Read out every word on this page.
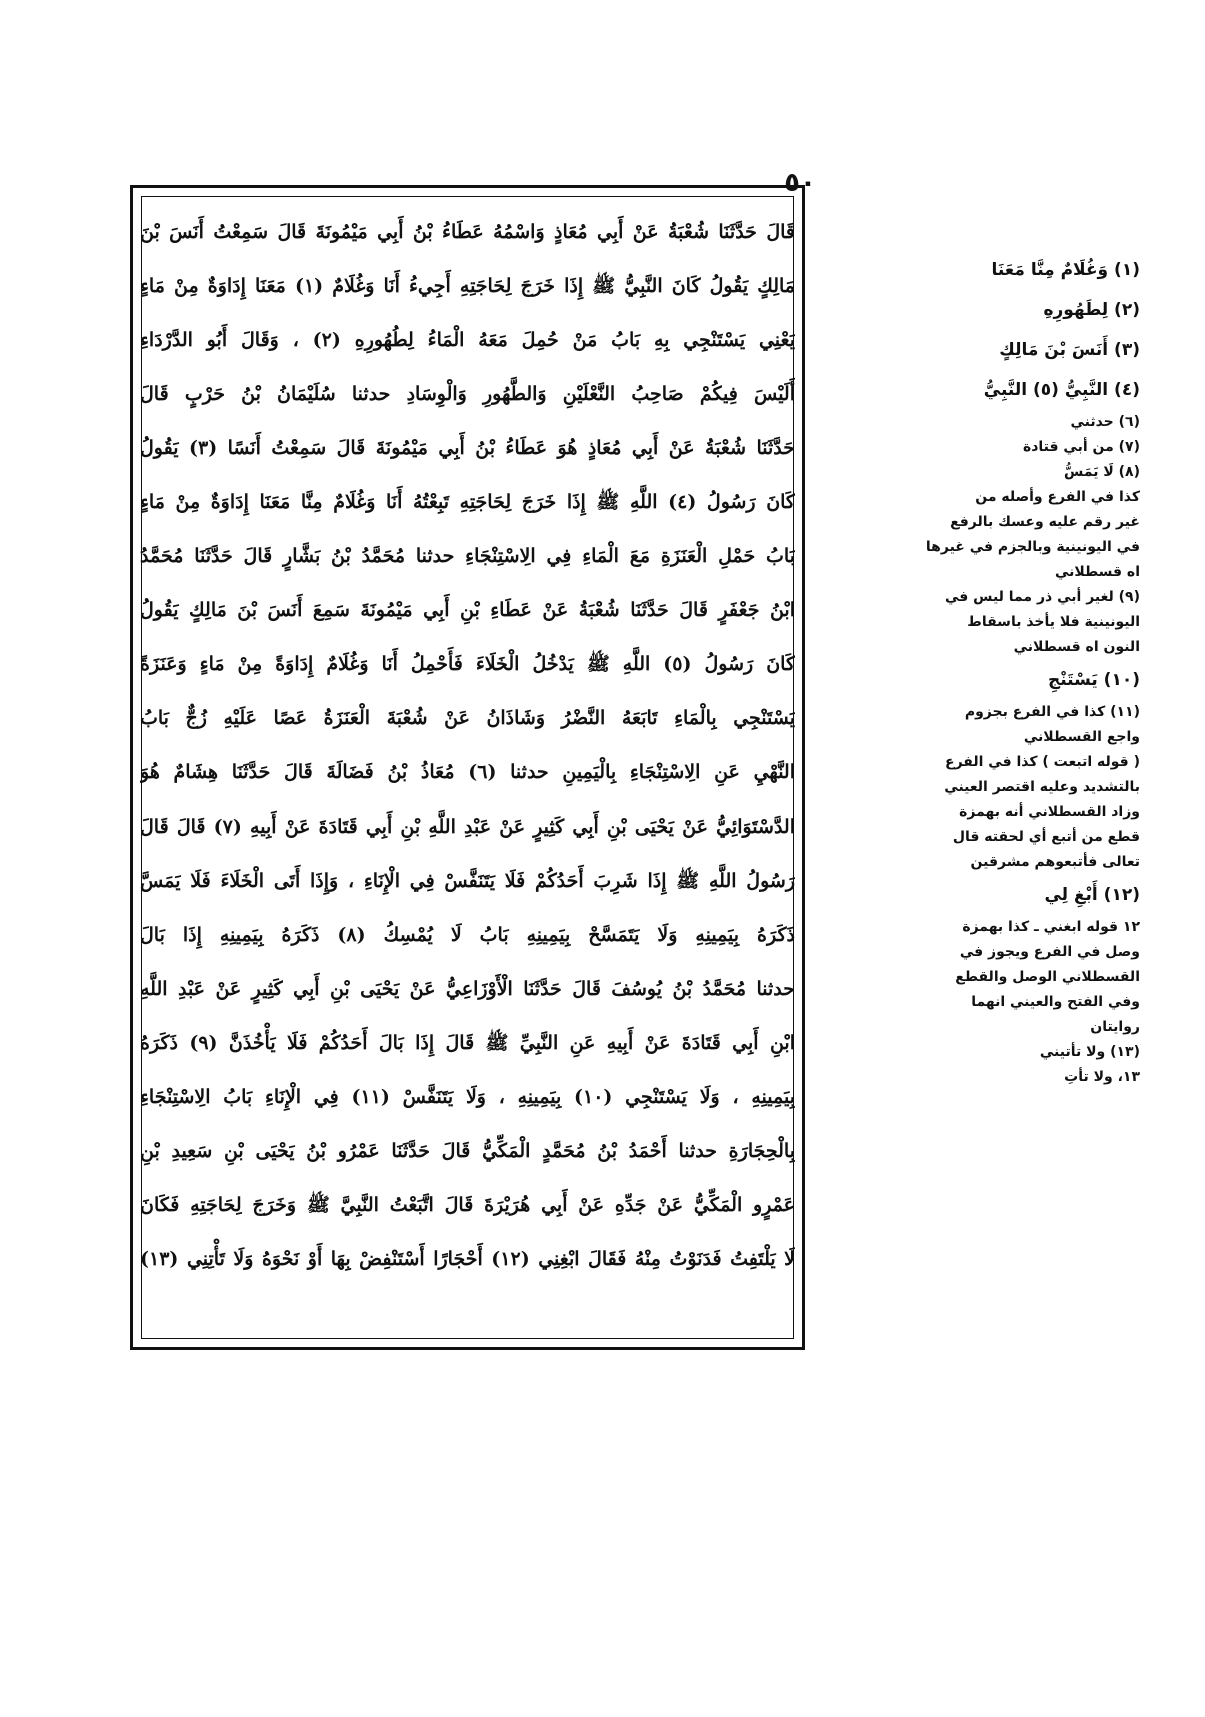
٥٠
قَالَ حَدَّثَنَا شُعْبَةُ عَنْ أَبِي مُعَاذٍ وَاسْمُهُ عَطَاءُ بْنُ أَبِي مَيْمُونَةَ قَالَ سَمِعْتُ أَنَسَ بْنَ
مَالِكٍ يَقُولُ كَانَ النَّبِيُّ ﷺ إِذَا خَرَجَ لِحَاجَتِهِ أَجِيءُ أَنَا وَغُلَامٌ (١) مَعَنَا إِدَاوَةٌ مِنْ مَاءٍ
يَعْنِي يَسْتَنْجِي بِهِ بَابُ مَنْ حُمِلَ مَعَهُ الْمَاءُ لِطُهُورِهِ (٢) ، وَقَالَ أَبُو الدَّرْدَاءِ
أَلَيْسَ فِيكُمْ صَاحِبُ النَّعْلَيْنِ وَالطَّهُورِ وَالْوِسَادِ حدثنا سُلَيْمَانُ بْنُ حَرْبٍ قَالَ
حَدَّثَنَا شُعْبَةُ عَنْ أَبِي مُعَاذٍ هُوَ عَطَاءُ بْنُ أَبِي مَيْمُونَةَ قَالَ سَمِعْتُ أَنَسًا (٣) يَقُولُ
كَانَ رَسُولُ (٤) اللَّهِ ﷺ إِذَا خَرَجَ لِحَاجَتِهِ تَبِعْتُهُ أَنَا وَغُلَامٌ مِنَّا مَعَنَا إِدَاوَةٌ مِنْ مَاءٍ
بَابُ حَمْلِ الْعَنَزَةِ مَعَ الْمَاءِ فِي الِاسْتِنْجَاءِ حدثنا مُحَمَّدُ بْنُ بَشَّارٍ قَالَ حَدَّثَنَا مُحَمَّدُ
ابْنُ جَعْفَرٍ قَالَ حَدَّثَنَا شُعْبَةُ عَنْ عَطَاءِ بْنِ أَبِي مَيْمُونَةَ سَمِعَ أَنَسَ بْنَ مَالِكٍ يَقُولُ
كَانَ رَسُولُ (٥) اللَّهِ ﷺ يَدْخُلُ الْخَلَاءَ فَأَحْمِلُ أَنَا وَغُلَامٌ إِدَاوَةً مِنْ مَاءٍ وَعَنَزَةً
يَسْتَنْجِي بِالْمَاءِ تَابَعَهُ النَّضْرُ وَشَاذَانُ عَنْ شُعْبَةَ الْعَنَزَةُ عَصًا عَلَيْهِ زُجٌّ بَابُ
النَّهْيِ عَنِ الِاسْتِنْجَاءِ بِالْيَمِينِ حدثنا (٦) مُعَاذُ بْنُ فَضَالَةَ قَالَ حَدَّثَنَا هِشَامٌ هُوَ
الدَّسْتَوَائِيُّ عَنْ يَحْيَى بْنِ أَبِي كَثِيرٍ عَنْ عَبْدِ اللَّهِ بْنِ أَبِي قَتَادَةَ عَنْ أَبِيهِ (٧) قَالَ قَالَ
رَسُولُ اللَّهِ ﷺ إِذَا شَرِبَ أَحَدُكُمْ فَلَا يَتَنَفَّسْ فِي الْإِنَاءِ ، وَإِذَا أَتَى الْخَلَاءَ فَلَا يَمَسَّ
ذَكَرَهُ بِيَمِينِهِ وَلَا يَتَمَسَّحْ بِيَمِينِهِ بَابُ لَا يُمْسِكُ (٨) ذَكَرَهُ بِيَمِينِهِ إِذَا بَالَ
حدثنا مُحَمَّدُ بْنُ يُوسُفَ قَالَ حَدَّثَنَا الْأَوْزَاعِيُّ عَنْ يَحْيَى بْنِ أَبِي كَثِيرٍ عَنْ عَبْدِ اللَّهِ
ابْنِ أَبِي قَتَادَةَ عَنْ أَبِيهِ عَنِ النَّبِيِّ ﷺ قَالَ إِذَا بَالَ أَحَدُكُمْ فَلَا يَأْخُذَنَّ (٩) ذَكَرَهُ
بِيَمِينِهِ ، وَلَا يَسْتَنْجِي (١٠) بِيَمِينِهِ ، وَلَا يَتَنَفَّسْ (١١) فِي الْإِنَاءِ بَابُ الِاسْتِنْجَاءِ
بِالْحِجَارَةِ حدثنا أَحْمَدُ بْنُ مُحَمَّدٍ الْمَكِّيُّ قَالَ حَدَّثَنَا عَمْرُو بْنُ يَحْيَى بْنِ سَعِيدِ بْنِ
عَمْرٍو الْمَكِّيُّ عَنْ جَدِّهِ عَنْ أَبِي هُرَيْرَةَ قَالَ اتَّبَعْتُ النَّبِيَّ ﷺ وَخَرَجَ لِحَاجَتِهِ فَكَانَ
لَا يَلْتَفِتُ فَدَنَوْتُ مِنْهُ فَقَالَ ابْغِنِي (١٢) أَحْجَارًا أَسْتَنْفِضْ بِهَا أَوْ نَحْوَهُ وَلَا تَأْتِنِي (١٣)
(١) وَغُلَامٌ مِنَّا مَعَنَا
(٢) لِطَهُورِهِ
(٣) أَنَسَ بْنَ مَالِكٍ
(٤) النَّبِيُّ (٥) النَّبِيُّ
(٦) حدثني
(٧) من أبي قتادة
(٨) لَا يَمَسُّ
كذا في الفرع وأصله من
غير رقم عليه وعسك بالرفع
في اليونينية وبالجزم في غيرها
اه قسطلاني
(٩) لغير أبي ذر مما ليس في
اليونينية فلا يأخذ باسقاط
النون اه قسطلاني
(١٠) يَسْتَنْجِ
(١١) كذا في الفرع بجزوم
واجع القسطلاني
( قوله اتبعت ) كذا في الفرع
بالتشديد وعليه اقتصر العيني
وزاد القسطلاني أنه بهمزة
قطع من أتبع أي لحقته قال
تعالى فأتبعوهم مشرقين
(١٢) أَبْغِ لِي
١٢ قوله ابغني ـ كذا بهمزة
وصل في الفرع ويجوز في
القسطلاني الوصل والقطع
وفي الفتح والعيني انهما
روايتان
(١٣) ولا تأتيني
١٣، ولا تأتِ
